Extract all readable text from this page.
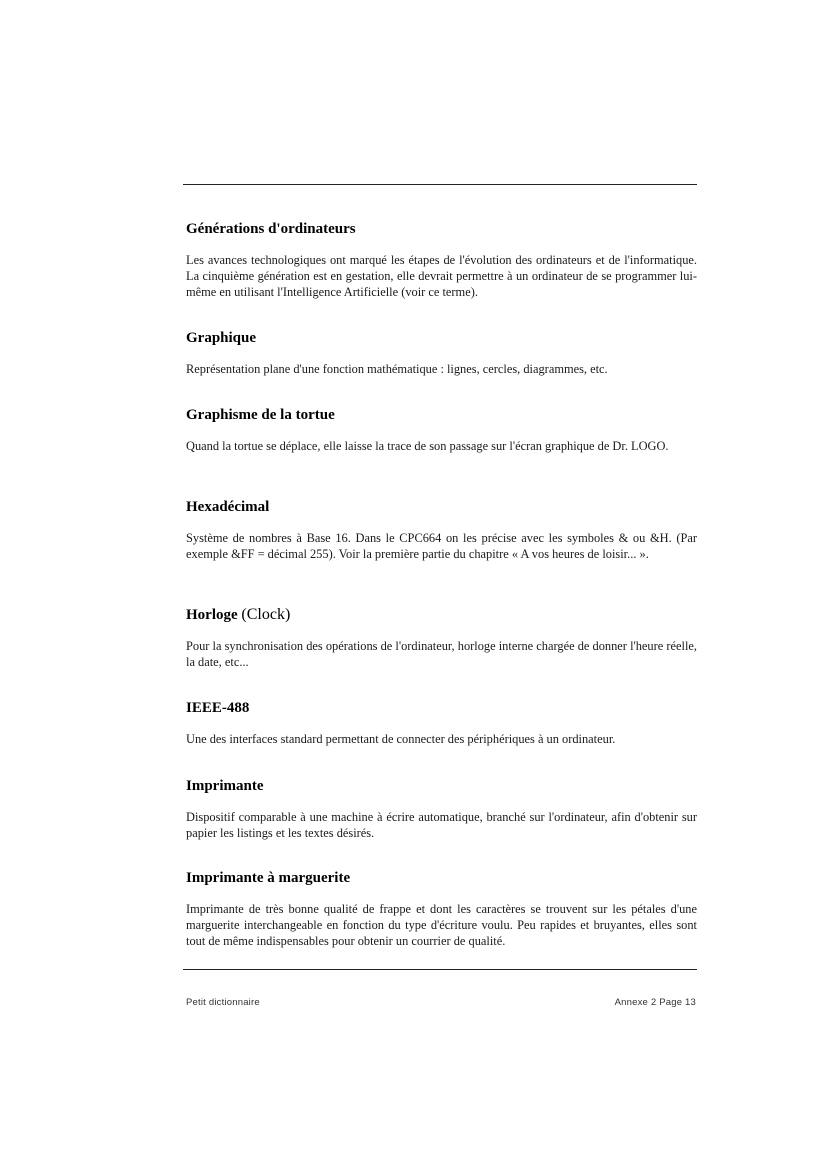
Générations d'ordinateurs

Les avances technologiques ont marqué les étapes de l'évolution des ordinateurs et de l'informatique. La cinquième génération est en gestation, elle devrait permettre à un ordinateur de se programmer lui-même en utilisant l'Intelligence Artificielle (voir ce terme).

Graphique

Représentation plane d'une fonction mathématique : lignes, cercles, diagrammes, etc.

Graphisme de la tortue

Quand la tortue se déplace, elle laisse la trace de son passage sur l'écran graphique de Dr. LOGO.

Hexadécimal

Système de nombres à Base 16. Dans le CPC664 on les précise avec les symboles & ou &H. (Par exemple &FF = décimal 255). Voir la première partie du chapitre « A vos heures de loisir... ».

Horloge (Clock)

Pour la synchronisation des opérations de l'ordinateur, horloge interne chargée de donner l'heure réelle, la date, etc...

IEEE-488

Une des interfaces standard permettant de connecter des périphériques à un ordinateur.

Imprimante

Dispositif comparable à une machine à écrire automatique, branché sur l'ordinateur, afin d'obtenir sur papier les listings et les textes désirés.

Imprimante à marguerite

Imprimante de très bonne qualité de frappe et dont les caractères se trouvent sur les pétales d'une marguerite interchangeable en fonction du type d'écriture voulu. Peu rapides et bruyantes, elles sont tout de même indispensables pour obtenir un courrier de qualité.

Petit dictionnaire	Annexe 2 Page 13
